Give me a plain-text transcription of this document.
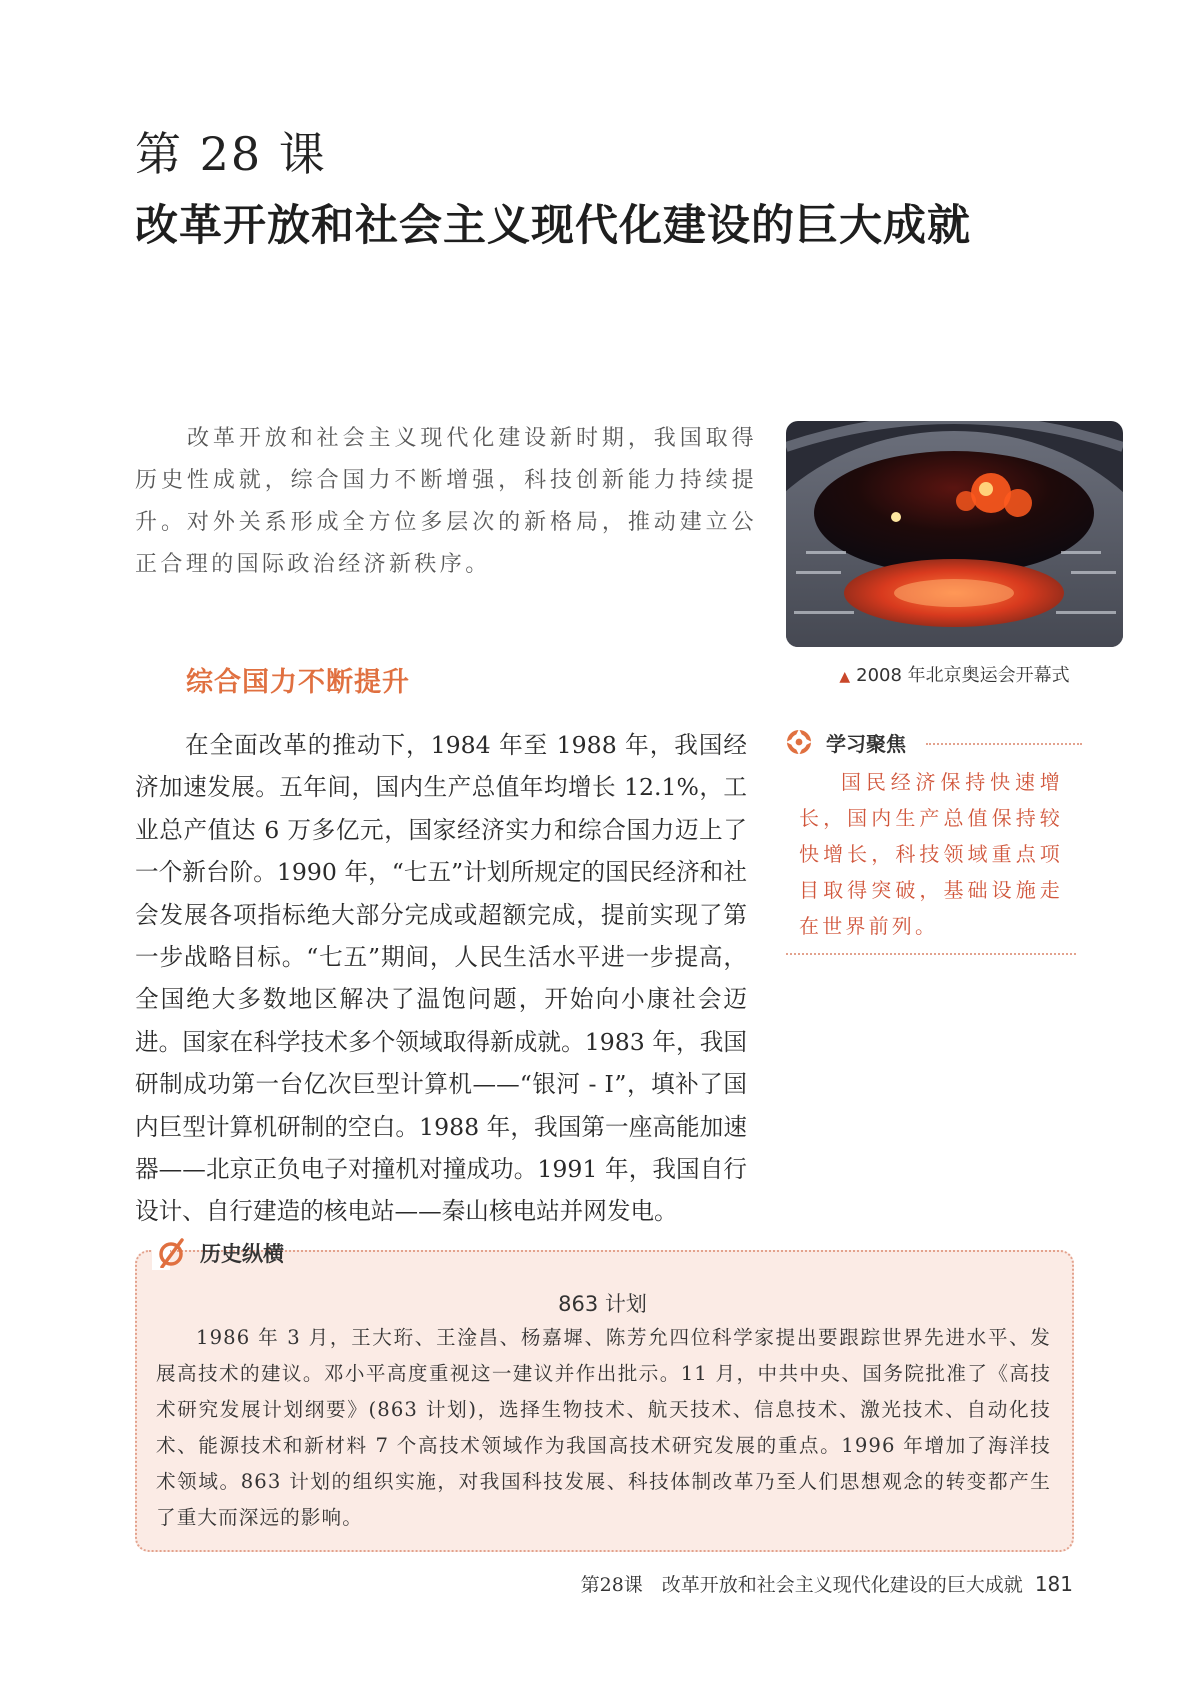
第 28 课
改革开放和社会主义现代化建设的巨大成就
改革开放和社会主义现代化建设新时期，我国取得历史性成就，综合国力不断增强，科技创新能力持续提升。对外关系形成全方位多层次的新格局，推动建立公正合理的国际政治经济新秩序。
▲ 2008 年北京奥运会开幕式
综合国力不断提升
在全面改革的推动下，1984 年至 1988 年，我国经济加速发展。五年间，国内生产总值年均增长 12.1%，工业总产值达 6 万多亿元，国家经济实力和综合国力迈上了一个新台阶。1990 年，“七五”计划所规定的国民经济和社会发展各项指标绝大部分完成或超额完成，提前实现了第一步战略目标。“七五”期间，人民生活水平进一步提高，全国绝大多数地区解决了温饱问题，开始向小康社会迈进。国家在科学技术多个领域取得新成就。1983 年，我国研制成功第一台亿次巨型计算机——“银河 - Ⅰ”，填补了国内巨型计算机研制的空白。1988 年，我国第一座高能加速器——北京正负电子对撞机对撞成功。1991 年，我国自行设计、自行建造的核电站——秦山核电站并网发电。
学习聚焦
国民经济保持快速增长，国内生产总值保持较快增长，科技领域重点项目取得突破，基础设施走在世界前列。
历史纵横
863 计划
1986 年 3 月，王大珩、王淦昌、杨嘉墀、陈芳允四位科学家提出要跟踪世界先进水平、发展高技术的建议。邓小平高度重视这一建议并作出批示。11 月，中共中央、国务院批准了《高技术研究发展计划纲要》(863 计划)，选择生物技术、航天技术、信息技术、激光技术、自动化技术、能源技术和新材料 7 个高技术领域作为我国高技术研究发展的重点。1996 年增加了海洋技术领域。863 计划的组织实施，对我国科技发展、科技体制改革乃至人们思想观念的转变都产生了重大而深远的影响。
第28课　改革开放和社会主义现代化建设的巨大成就 181
